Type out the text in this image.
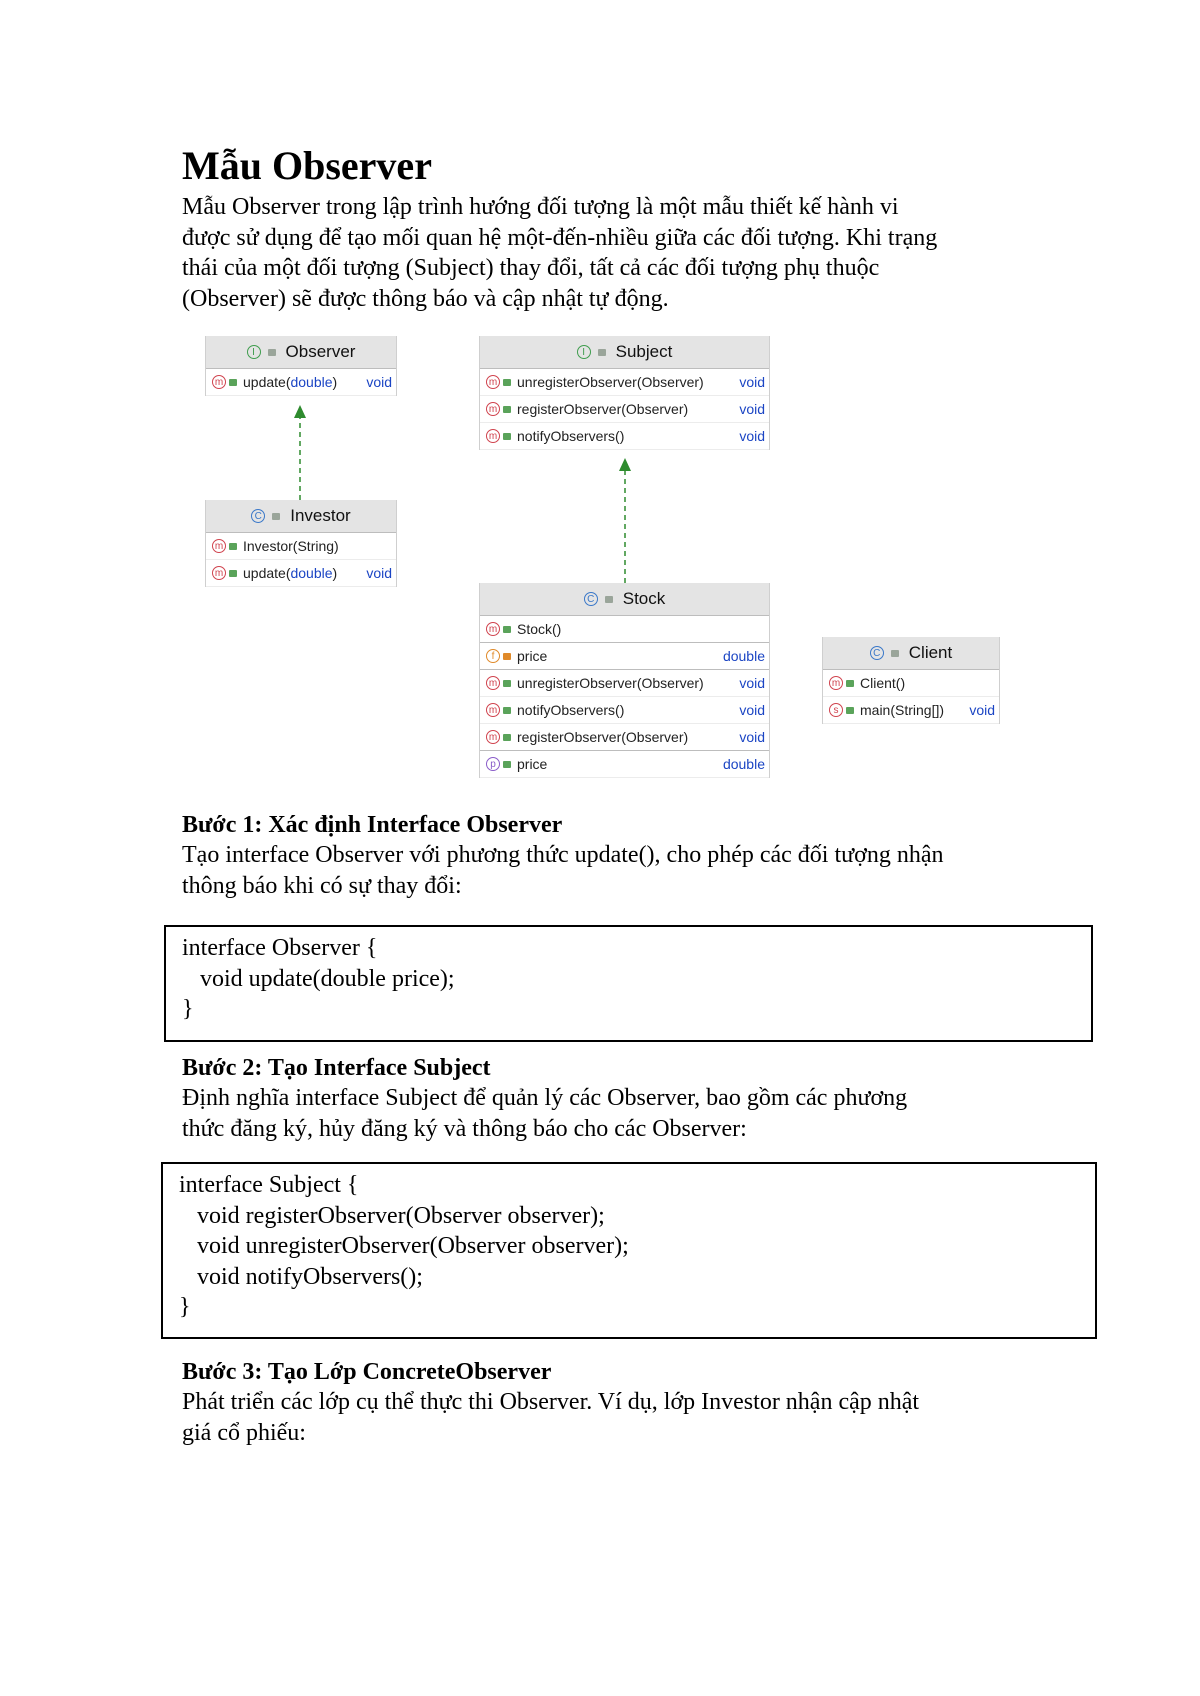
Mẫu Observer

Mẫu Observer trong lập trình hướng đối tượng là một mẫu thiết kế hành vi

được sử dụng để tạo mối quan hệ một-đến-nhiều giữa các đối tượng. Khi trạng

thái của một đối tượng (Subject) thay đổi, tất cả các đối tượng phụ thuộc

(Observer) sẽ được thông báo và cập nhật tự động.

I	Observer
m update(double)	void
I	Subject
m unregisterObserver(Observer)	void
m registerObserver(Observer)	void
m notifyObservers()	void
C Investor
m Investor(String)
m update(double)	void
C Stock
m Stock()
f	price	double
m unregisterObserver(Observer)	void
m notifyObservers()	void
m registerObserver(Observer)	void
p	price	double
C Client
m Client()
s	main(String[])	void
Bước 1: Xác định Interface Observer

Tạo interface Observer với phương thức update(), cho phép các đối tượng nhận

thông báo khi có sự thay đổi:

interface Observer {
void update(double price);
}
Bước 2: Tạo Interface Subject

Định nghĩa interface Subject để quản lý các Observer, bao gồm các phương

thức đăng ký, hủy đăng ký và thông báo cho các Observer:

interface Subject {
void registerObserver(Observer observer);
void unregisterObserver(Observer observer);
void notifyObservers();
}
Bước 3: Tạo Lớp ConcreteObserver

Phát triển các lớp cụ thể thực thi Observer. Ví dụ, lớp Investor nhận cập nhật

giá cổ phiếu:
